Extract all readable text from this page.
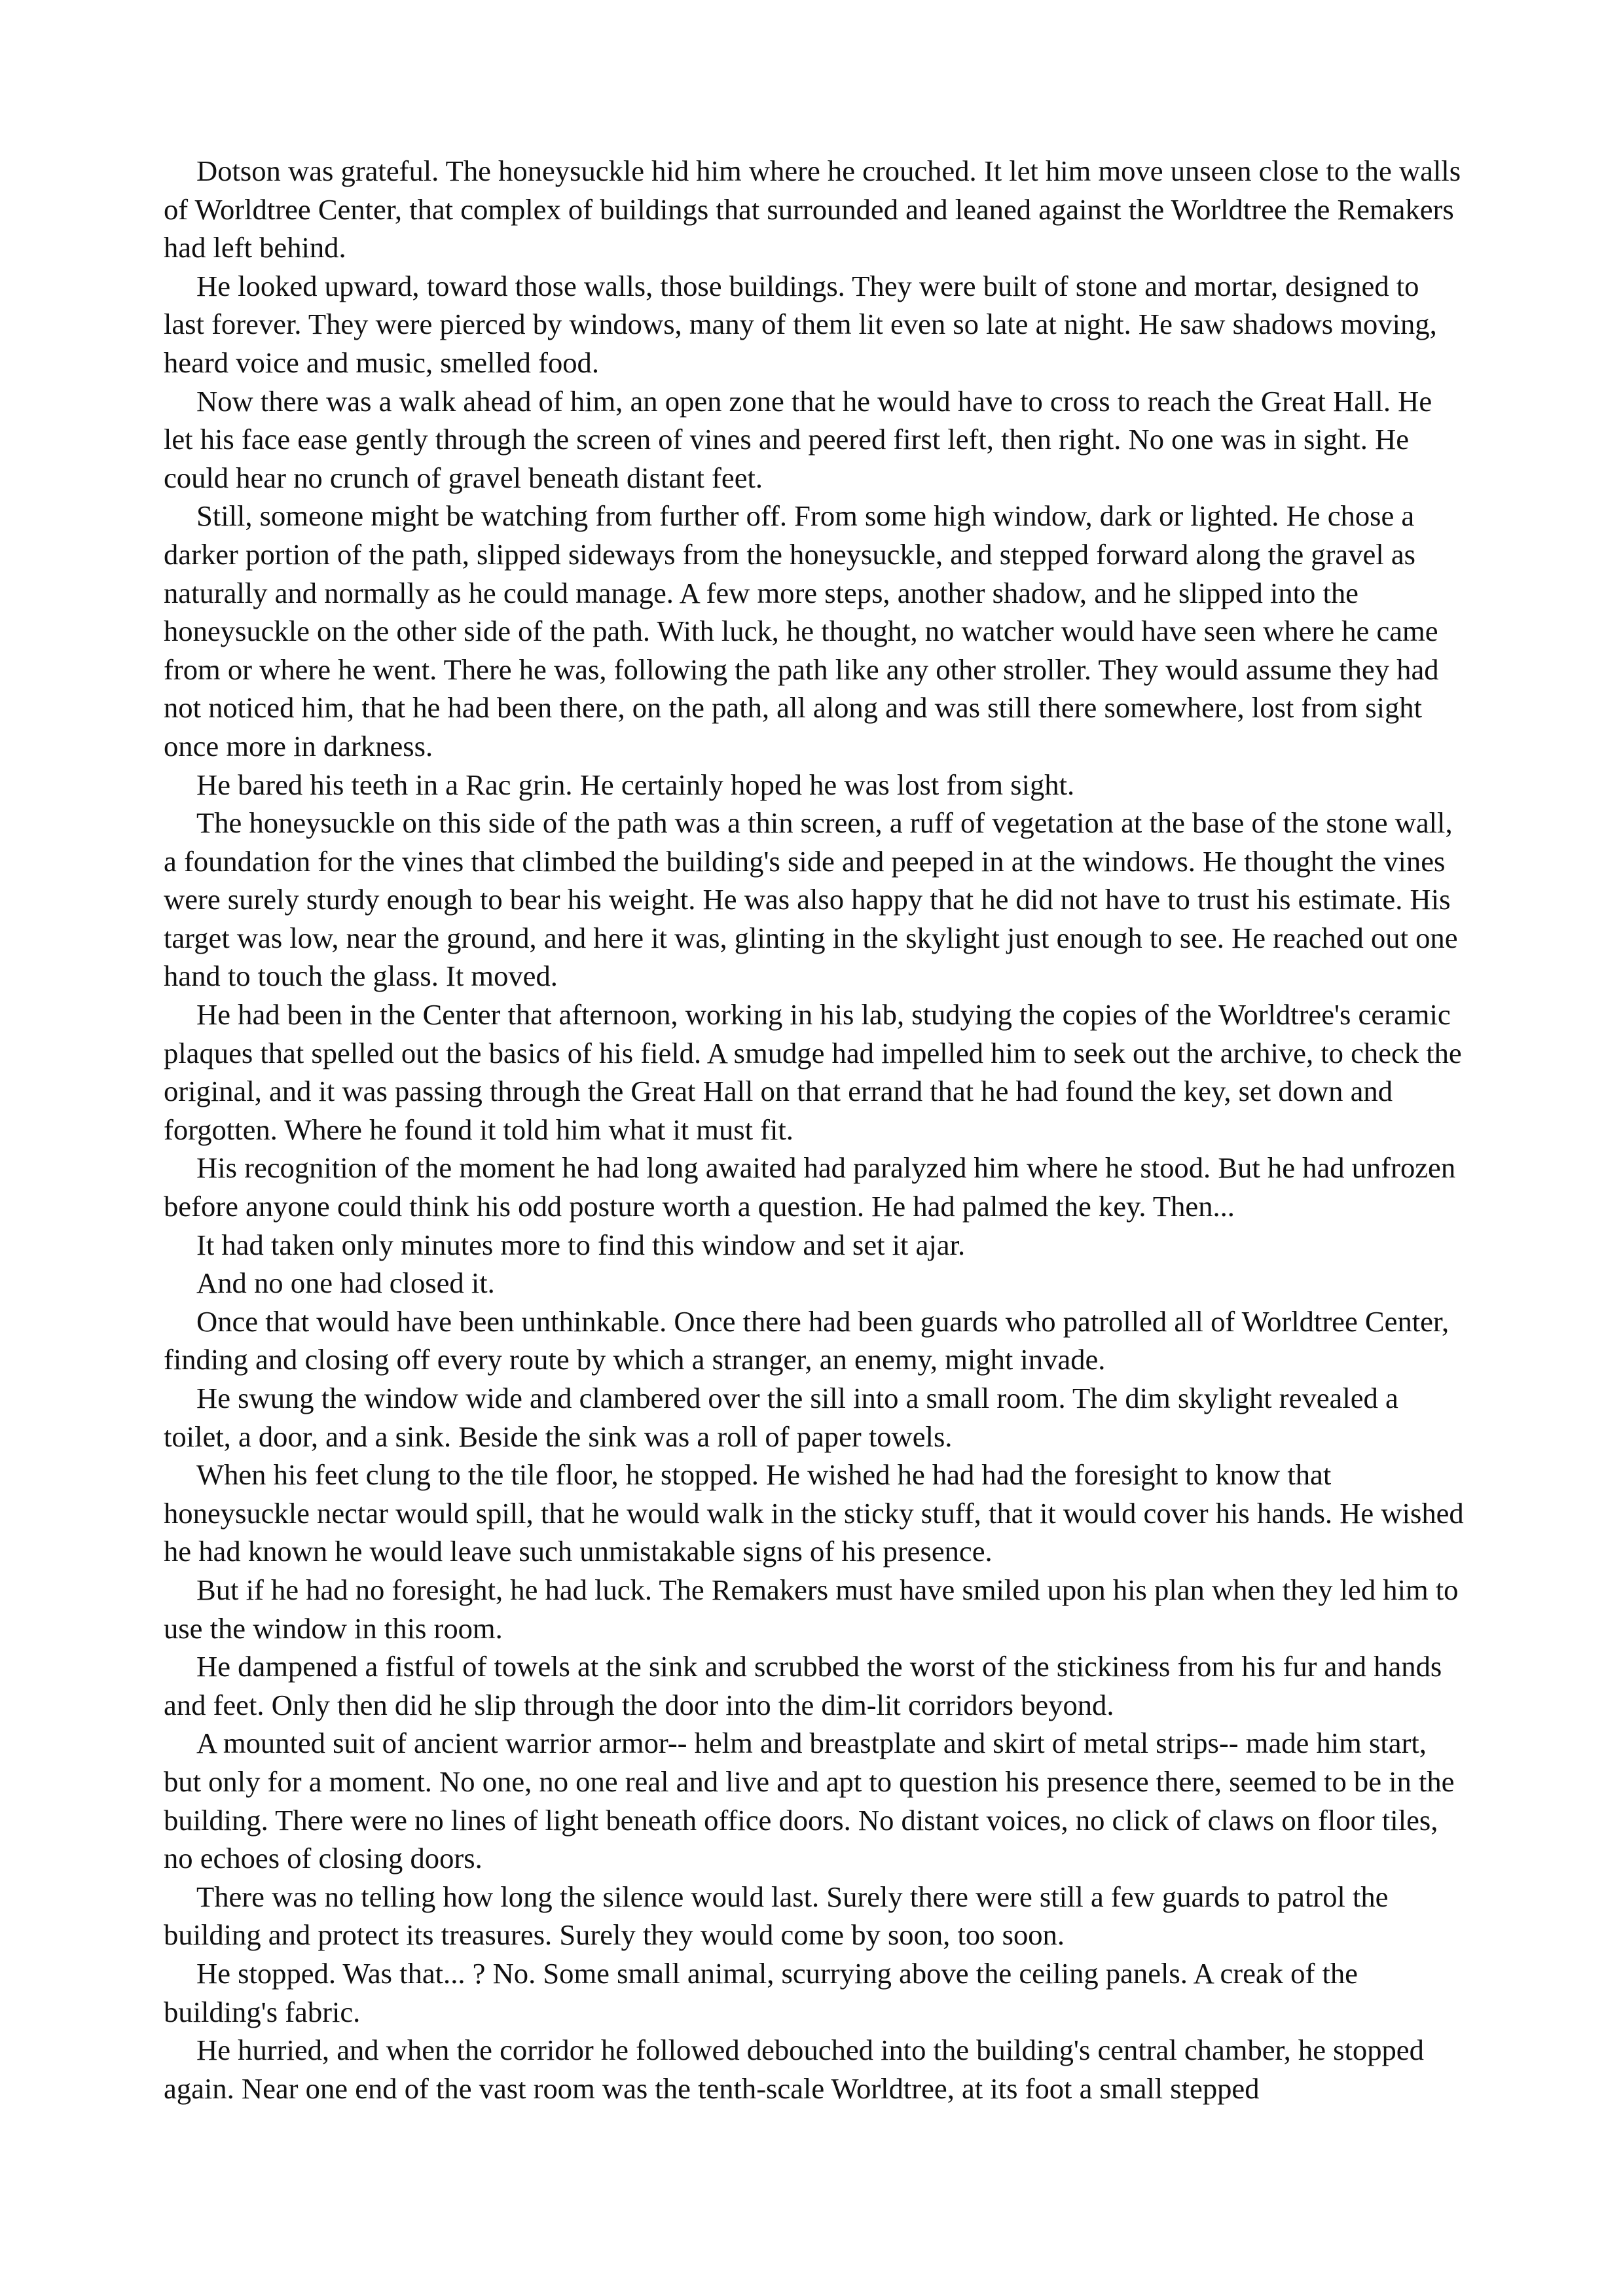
Dotson was grateful. The honeysuckle hid him where he crouched. It let him move unseen close to the walls of Worldtree Center, that complex of buildings that surrounded and leaned against the Worldtree the Remakers had left behind.

He looked upward, toward those walls, those buildings. They were built of stone and mortar, designed to last forever. They were pierced by windows, many of them lit even so late at night. He saw shadows moving, heard voice and music, smelled food.

Now there was a walk ahead of him, an open zone that he would have to cross to reach the Great Hall. He let his face ease gently through the screen of vines and peered first left, then right. No one was in sight. He could hear no crunch of gravel beneath distant feet.

Still, someone might be watching from further off. From some high window, dark or lighted. He chose a darker portion of the path, slipped sideways from the honeysuckle, and stepped forward along the gravel as naturally and normally as he could manage. A few more steps, another shadow, and he slipped into the honeysuckle on the other side of the path. With luck, he thought, no watcher would have seen where he came from or where he went. There he was, following the path like any other stroller. They would assume they had not noticed him, that he had been there, on the path, all along and was still there somewhere, lost from sight once more in darkness.

He bared his teeth in a Rac grin. He certainly hoped he was lost from sight.

The honeysuckle on this side of the path was a thin screen, a ruff of vegetation at the base of the stone wall, a foundation for the vines that climbed the building's side and peeped in at the windows. He thought the vines were surely sturdy enough to bear his weight. He was also happy that he did not have to trust his estimate. His target was low, near the ground, and here it was, glinting in the skylight just enough to see. He reached out one hand to touch the glass. It moved.

He had been in the Center that afternoon, working in his lab, studying the copies of the Worldtree's ceramic plaques that spelled out the basics of his field. A smudge had impelled him to seek out the archive, to check the original, and it was passing through the Great Hall on that errand that he had found the key, set down and forgotten. Where he found it told him what it must fit.

His recognition of the moment he had long awaited had paralyzed him where he stood. But he had unfrozen before anyone could think his odd posture worth a question. He had palmed the key. Then...

It had taken only minutes more to find this window and set it ajar.

And no one had closed it.

Once that would have been unthinkable. Once there had been guards who patrolled all of Worldtree Center, finding and closing off every route by which a stranger, an enemy, might invade.

He swung the window wide and clambered over the sill into a small room. The dim skylight revealed a toilet, a door, and a sink. Beside the sink was a roll of paper towels.

When his feet clung to the tile floor, he stopped. He wished he had had the foresight to know that honeysuckle nectar would spill, that he would walk in the sticky stuff, that it would cover his hands. He wished he had known he would leave such unmistakable signs of his presence.

But if he had no foresight, he had luck. The Remakers must have smiled upon his plan when they led him to use the window in this room.

He dampened a fistful of towels at the sink and scrubbed the worst of the stickiness from his fur and hands and feet. Only then did he slip through the door into the dim-lit corridors beyond.

A mounted suit of ancient warrior armor-- helm and breastplate and skirt of metal strips-- made him start, but only for a moment. No one, no one real and live and apt to question his presence there, seemed to be in the building. There were no lines of light beneath office doors. No distant voices, no click of claws on floor tiles, no echoes of closing doors.

There was no telling how long the silence would last. Surely there were still a few guards to patrol the building and protect its treasures. Surely they would come by soon, too soon.

He stopped. Was that... ? No. Some small animal, scurrying above the ceiling panels. A creak of the building's fabric.

He hurried, and when the corridor he followed debouched into the building's central chamber, he stopped again. Near one end of the vast room was the tenth-scale Worldtree, at its foot a small stepped
